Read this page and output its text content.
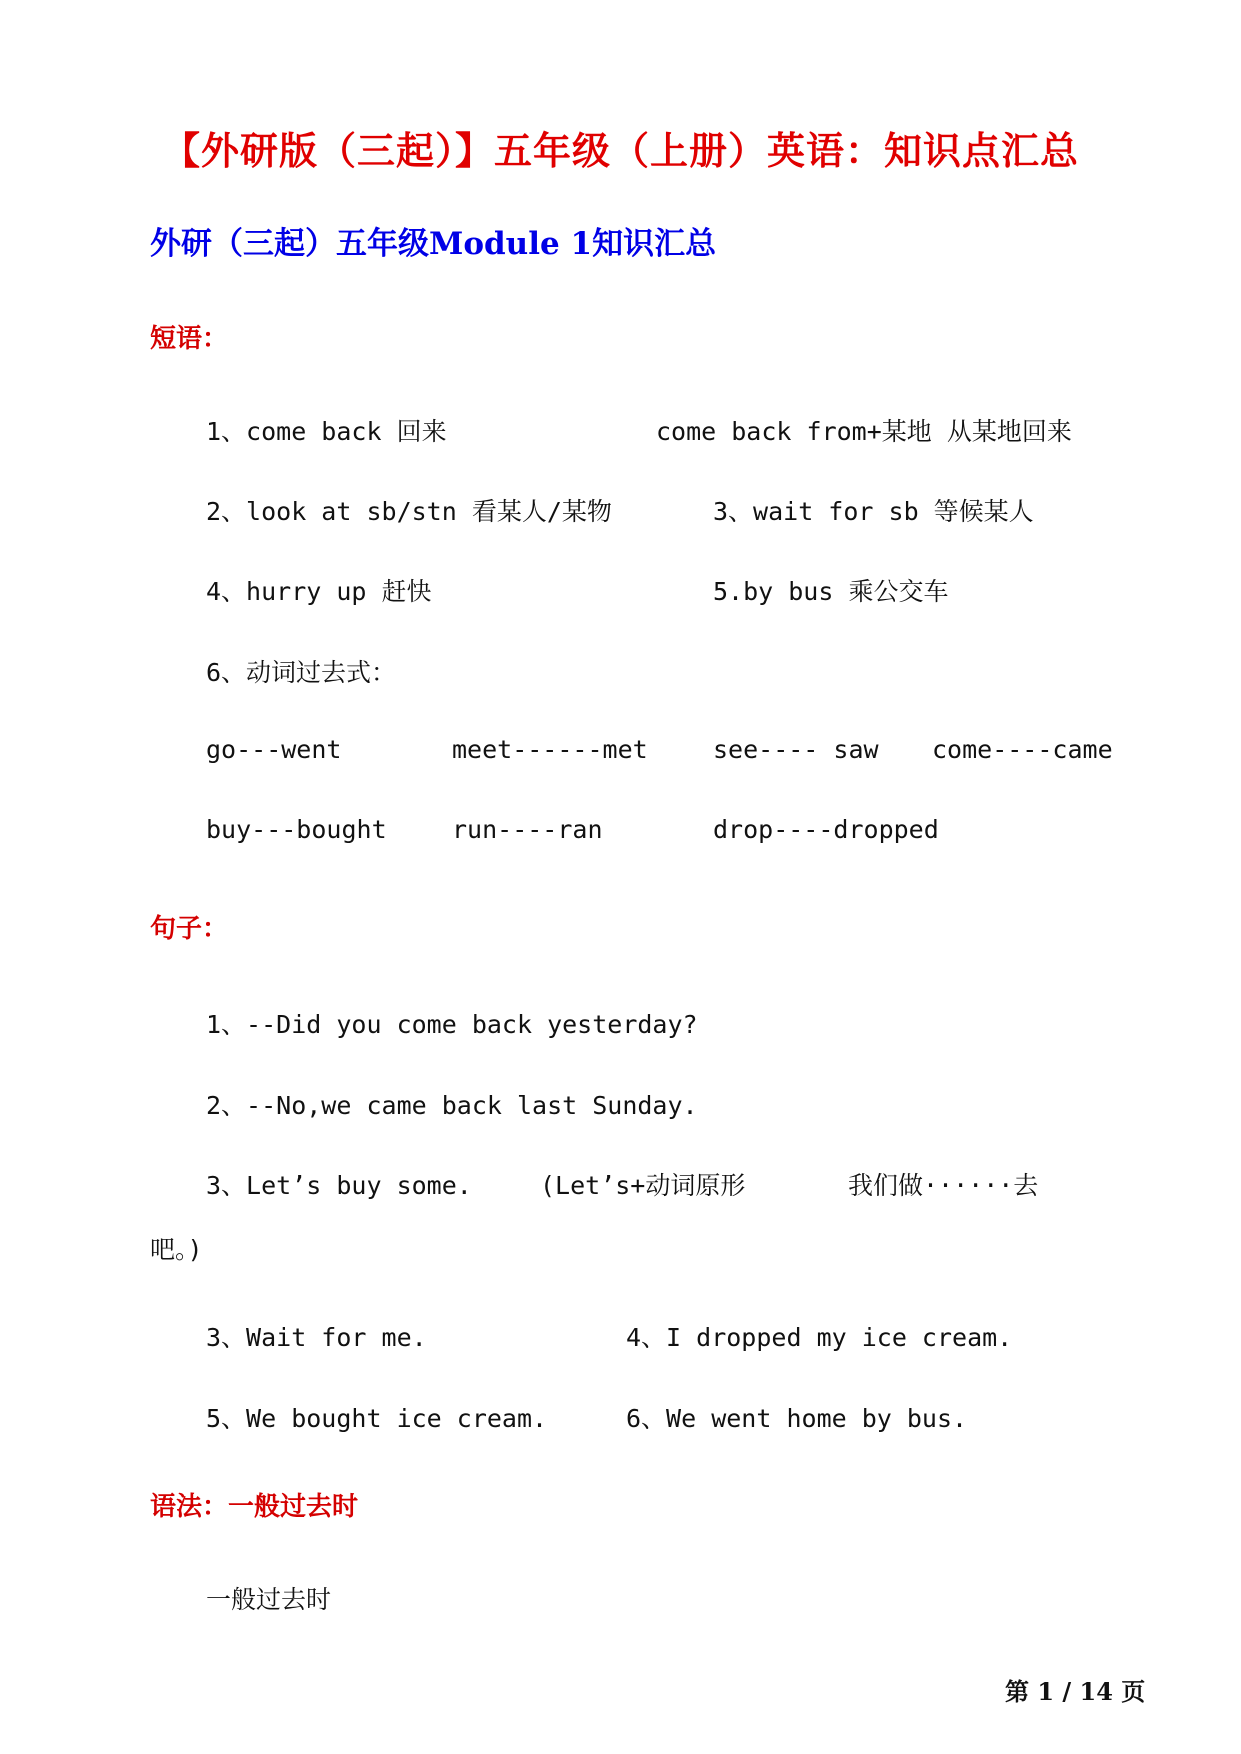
【外研版（三起）】五年级（上册）英语：知识点汇总
外研（三起）五年级Module 1知识汇总
短语：
1、come back 回来	come back from+某地 从某地回来
2、look at sb/stn 看某人/某物	3、wait for sb 等候某人
4、hurry up 赶快	5.by bus 乘公交车
6、动词过去式：
go---went	meet------met	see---- saw come----came
buy---bought	run----ran	drop----dropped
句子：
1、--Did you come back yesterday?
2、--No,we came back last Sunday.
3、Let’s buy some.	(Let’s+动词原形	我们做······去
吧。)
3、Wait for me.	4、I dropped my ice cream.
5、We bought ice cream.	6、We went home by bus.
语法：一般过去时
一般过去时
第 1 / 14 页
